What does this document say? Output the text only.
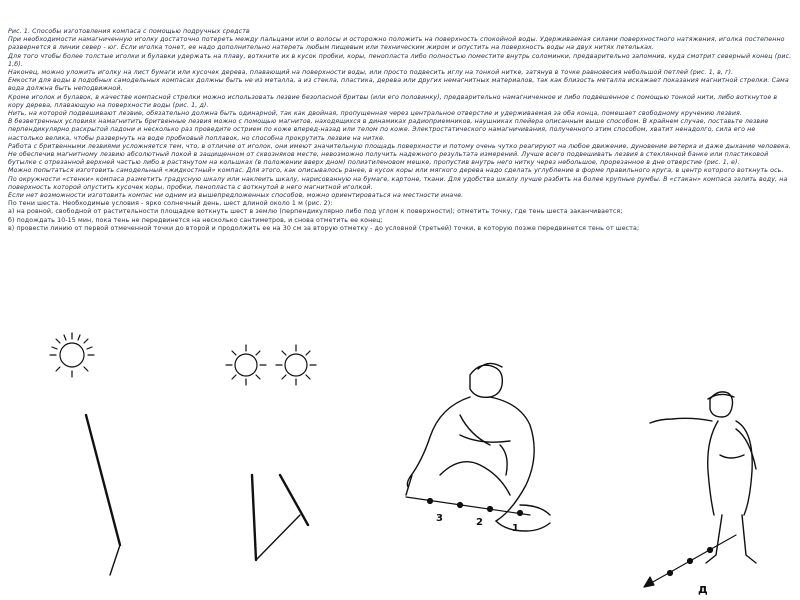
Рис. 1. Способы изготовления компаса с помощью подручных средств

При необходимости намагниченную иголку достаточно потереть между пальцами или о волосы и осторожно положить на поверхность спокойной воды. Удерживаемая силами поверхностного натяжения, иголка постепенно развернется в линии север - юг. Если иголка тонет, ее надо дополнительно натереть любым пищевым или техническим жиром и опустить на поверхность воды на двух нитях петельках.

Для того чтобы более толстые иголки и булавки удержать на плаву, воткните их в кусок пробки, коры, пенопласта либо полностью поместите внутрь соломинки, предварительно запомнив, куда смотрит северный конец (рис. 1,б).

Наконец, можно уложить иголку на лист бумаги или кусочек дерева, плавающий на поверхности воды, или просто подвесить иглу на тонкой нитке, затянув в точке равновесия небольшой петлей (рис. 1, в, г).

Емкости для воды в подобных самодельных компасах должны быть не из металла, а из стекла, пластика, дерева или других немагнитных материалов, так как близость металла искажает показания магнитной стрелки. Сама вода должна быть неподвижной.

Кроме иголок и булавок, в качестве компасной стрелки можно использовать лезвие безопасной бритвы (или его половинку), предварительно намагниченное и либо подвешенное с помощью тонкой нити, либо воткнутое в кору дерева, плавающую на поверхности воды (рис. 1, д).

Нить, на которой подвешивают лезвие, обязательно должна быть одинарной, так как двойная, пропущенная через центральное отверстие и удерживаемая за оба конца, помешает свободному кручению лезвия.

В безветренных условиях намагнитить бритвенные лезвия можно с помощью магнитов, находящихся в динамиках радиоприемников, наушниках плейера описанным выше способом. В крайнем случае, поставьте лезвие перпендикулярно раскрытой ладони и несколько раз проведите острием по коже вперед-назад или телом по коже. Электростатического намагничивания, полученного этим способом, хватит ненадолго, сила его не настолько велика, чтобы развернуть на воде пробковый поплавок, но способна прокрутить лезвие на нитке.

Работа с бритвенными лезвиями усложняется тем, что, в отличие от иголок, они имеют значительную площадь поверхности и потому очень чутко реагируют на любое движение, дуновение ветерка и даже дыхание человека. Не обеспечив магнитному лезвию абсолютный покой в защищенном от сквозняков месте, невозможно получить надежного результата измерений. Лучше всего подвешивать лезвия в стеклянной банке или пластиковой бутылке с отрезанной верхней частью либо в растянутом на кольшках (в положении вверх дном) полиэтиленовом мешке, пропустив внутрь него нитку через небольшое, прорезанное в дне отверстие (рис. 1, е).

Можно попытаться изготовить самодельный «жидкостный» компас. Для этого, как описывалось ранее, в кусок коры или мягкого дерева надо сделать углубление в форме правильного круга, в центр которого воткнуть ось. По окружности «стенки» компаса разметить градусную шкалу или наклеить шкалу, нарисованную на бумаге, картоне, ткани. Для удобства шкалу лучше разбить на более крупные румбы. В «стакан» компаса залить воду, на поверхность которой опустить кусочек коры, пробки, пенопласта с воткнутой в него магнитной иголкой.

Если нет возможности изготовить компас ни одним из вышепредложенных способов, можно ориентироваться на местности иначе.

По тени шеста. Необходимые условия - ярко солнечный день, шест длиной около 1 м (рис. 2):

а) на ровной, свободной от растительности площадке воткнуть шест в землю (перпендикулярно либо под углом к поверхности); отметить точку, где тень шеста заканчивается;

б) подождать 10-15 мин, пока тень не передвинется на несколько сантиметров, и снова отметить ее конец;

в) провести линию от первой отмеченной точки до второй и продолжить ее на 30 см за вторую отметку - до условной (третьей) точки, в которую позже передвинется тень от шеста;

3	2
1
д
